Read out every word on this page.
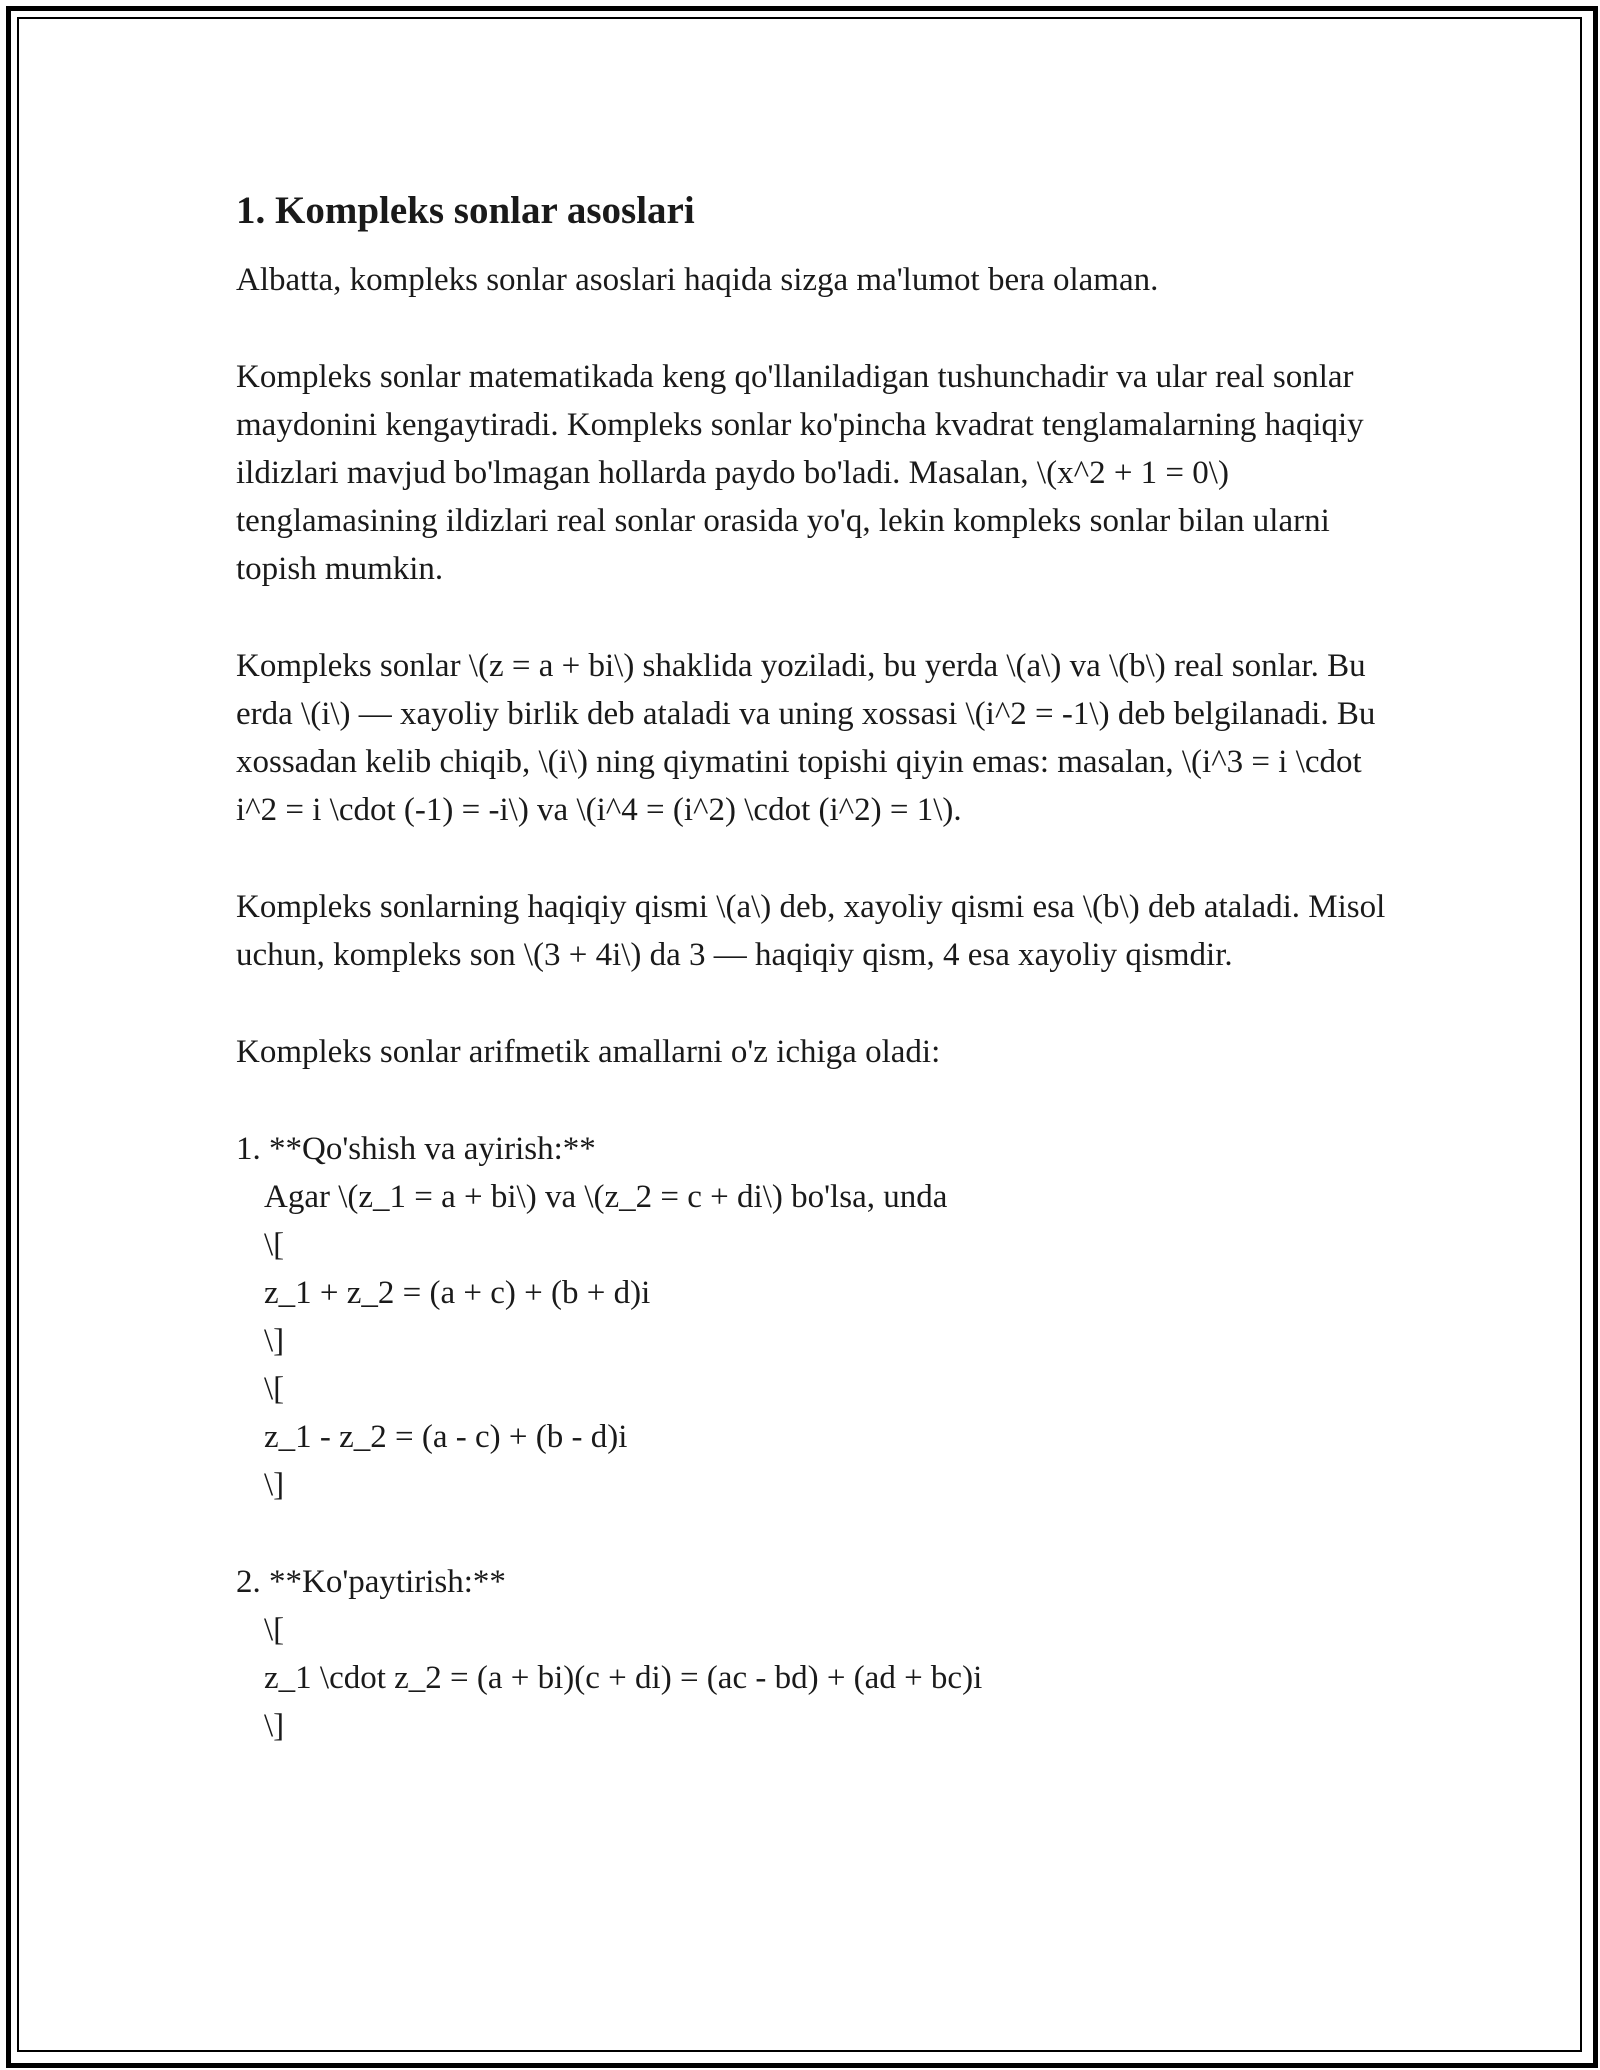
1. Kompleks sonlar asoslari

Albatta, kompleks sonlar asoslari haqida sizga ma'lumot bera olaman.

Kompleks sonlar matematikada keng qo'llaniladigan tushunchadir va ular real sonlar maydonini kengaytiradi. Kompleks sonlar ko'pincha kvadrat tenglamalarning haqiqiy ildizlari mavjud bo'lmagan hollarda paydo bo'ladi. Masalan, \(x^2 + 1 = 0\) tenglamasining ildizlari real sonlar orasida yo'q, lekin kompleks sonlar bilan ularni topish mumkin.

Kompleks sonlar \(z = a + bi\) shaklida yoziladi, bu yerda \(a\) va \(b\) real sonlar. Bu erda \(i\) — xayoliy birlik deb ataladi va uning xossasi \(i^2 = -1\) deb belgilanadi. Bu xossadan kelib chiqib, \(i\) ning qiymatini topishi qiyin emas: masalan, \(i^3 = i \cdot i^2 = i \cdot (-1) = -i\) va \(i^4 = (i^2) \cdot (i^2) = 1\).

Kompleks sonlarning haqiqiy qismi \(a\) deb, xayoliy qismi esa \(b\) deb ataladi. Misol uchun, kompleks son \(3 + 4i\) da 3 — haqiqiy qism, 4 esa xayoliy qismdir.

Kompleks sonlar arifmetik amallarni o'z ichiga oladi:

1. **Qo'shish va ayirish:**
Agar \(z_1 = a + bi\) va \(z_2 = c + di\) bo'lsa, unda
\[
z_1 + z_2 = (a + c) + (b + d)i
\]
\[
z_1 - z_2 = (a - c) + (b - d)i
\]
2. **Ko'paytirish:**
\[
z_1 \cdot z_2 = (a + bi)(c + di) = (ac - bd) + (ad + bc)i
\]
